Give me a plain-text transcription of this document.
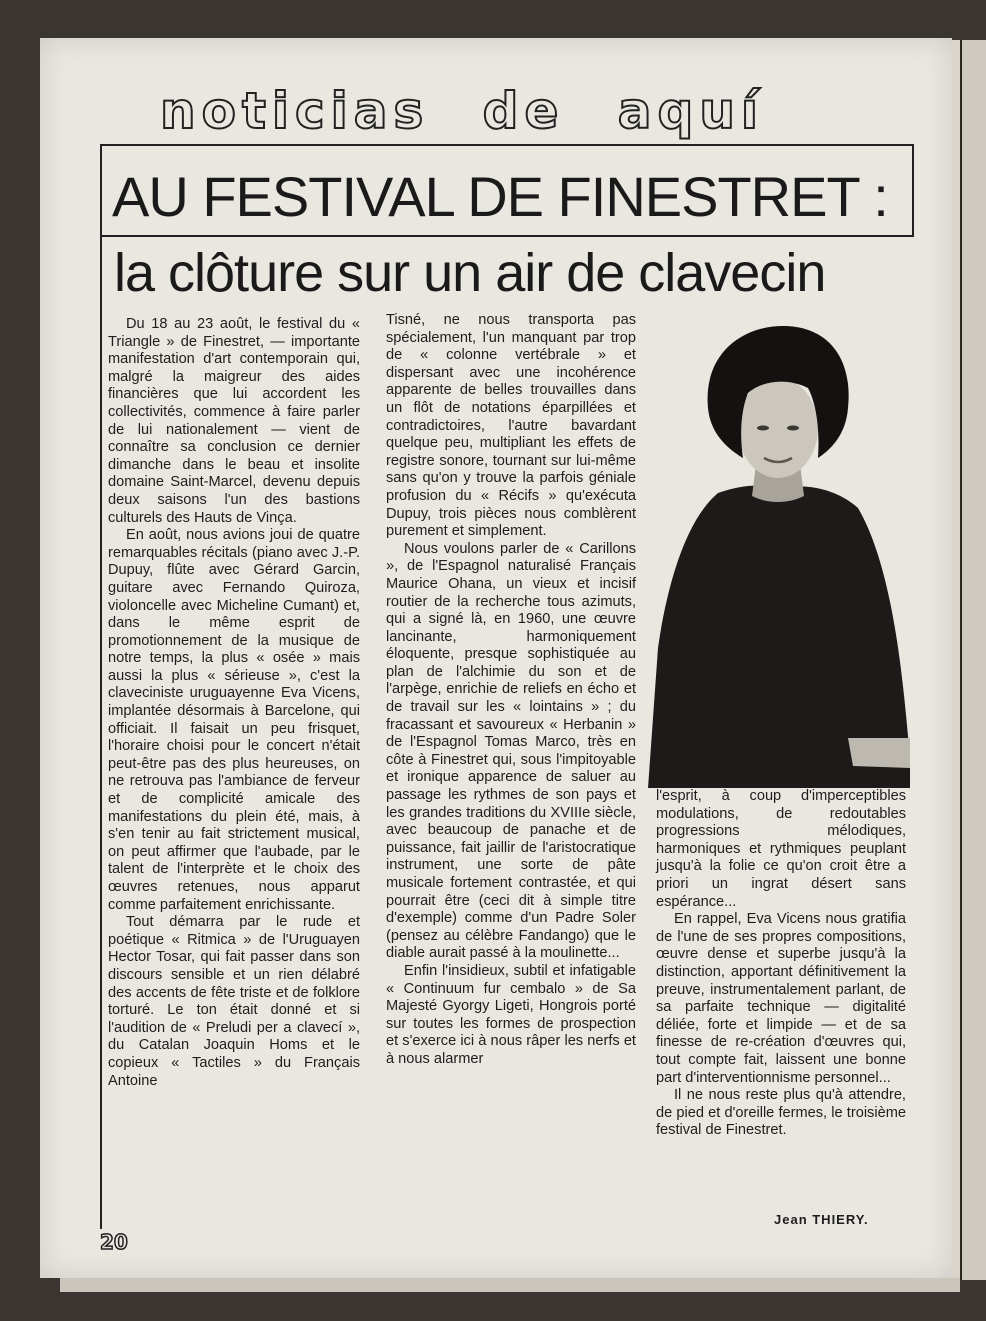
noticias de aquí
AU FESTIVAL DE FINESTRET :
la clôture sur un air de clavecin

Du 18 au 23 août, le festival du « Triangle » de Finestret, — importante manifestation d'art contemporain qui, malgré la maigreur des aides financières que lui accordent les collectivités, commence à faire parler de lui nationalement — vient de connaître sa conclusion ce dernier dimanche dans le beau et insolite domaine Saint-Marcel, devenu depuis deux saisons l'un des bastions culturels des Hauts de Vinça.

En août, nous avions joui de quatre remarquables récitals (piano avec J.-P. Dupuy, flûte avec Gérard Garcin, guitare avec Fernando Quiroza, violoncelle avec Micheline Cumant) et, dans le même esprit de promotionnement de la musique de notre temps, la plus « osée » mais aussi la plus « sérieuse », c'est la claveciniste uruguayenne Eva Vicens, implantée désormais à Barcelone, qui officiait. Il faisait un peu frisquet, l'horaire choisi pour le concert n'était peut-être pas des plus heureuses, on ne retrouva pas l'ambiance de ferveur et de complicité amicale des manifestations du plein été, mais, à s'en tenir au fait strictement musical, on peut affirmer que l'aubade, par le talent de l'interprète et le choix des œuvres retenues, nous apparut comme parfaitement enrichissante.

Tout démarra par le rude et poétique « Ritmica » de l'Uruguayen Hector Tosar, qui fait passer dans son discours sensible et un rien délabré des accents de fête triste et de folklore torturé. Le ton était donné et si l'audition de « Preludi per a clavecí », du Catalan Joaquin Homs et le copieux « Tactiles » du Français Antoine

Tisné, ne nous transporta pas spécialement, l'un manquant par trop de « colonne vertébrale » et dispersant avec une incohérence apparente de belles trouvailles dans un flôt de notations éparpillées et contradictoires, l'autre bavardant quelque peu, multipliant les effets de registre sonore, tournant sur lui-même sans qu'on y trouve la parfois géniale profusion du « Récifs » qu'exécuta Dupuy, trois pièces nous comblèrent purement et simplement.

Nous voulons parler de « Carillons », de l'Espagnol naturalisé Français Maurice Ohana, un vieux et incisif routier de la recherche tous azimuts, qui a signé là, en 1960, une œuvre lancinante, harmoniquement éloquente, presque sophistiquée au plan de l'alchimie du son et de l'arpège, enrichie de reliefs en écho et de travail sur les « lointains » ; du fracassant et savoureux « Herbanin » de l'Espagnol Tomas Marco, très en côte à Finestret qui, sous l'impitoyable et ironique apparence de saluer au passage les rythmes de son pays et les grandes traditions du XVIIIe siècle, avec beaucoup de panache et de puissance, fait jaillir de l'aristocratique instrument, une sorte de pâte musicale fortement contrastée, et qui pourrait être (ceci dit à simple titre d'exemple) comme d'un Padre Soler (pensez au célèbre Fandango) que le diable aurait passé à la moulinette...

Enfin l'insidieux, subtil et infatigable « Continuum fur cembalo » de Sa Majesté Gyorgy Ligeti, Hongrois porté sur toutes les formes de prospection et s'exerce ici à nous râper les nerfs et à nous alarmer

l'esprit, à coup d'imperceptibles modulations, de redoutables progressions mélodiques, harmoniques et rythmiques peuplant jusqu'à la folie ce qu'on croit être a priori un ingrat désert sans espérance...

En rappel, Eva Vicens nous gratifia de l'une de ses propres compositions, œuvre dense et superbe jusqu'à la distinction, apportant définitivement la preuve, instrumentalement parlant, de sa parfaite technique — digitalité déliée, forte et limpide — et de sa finesse de re-création d'œuvres qui, tout compte fait, laissent une bonne part d'interventionnisme personnel...

Il ne nous reste plus qu'à attendre, de pied et d'oreille fermes, le troisième festival de Finestret.

Jean THIERY.
20
